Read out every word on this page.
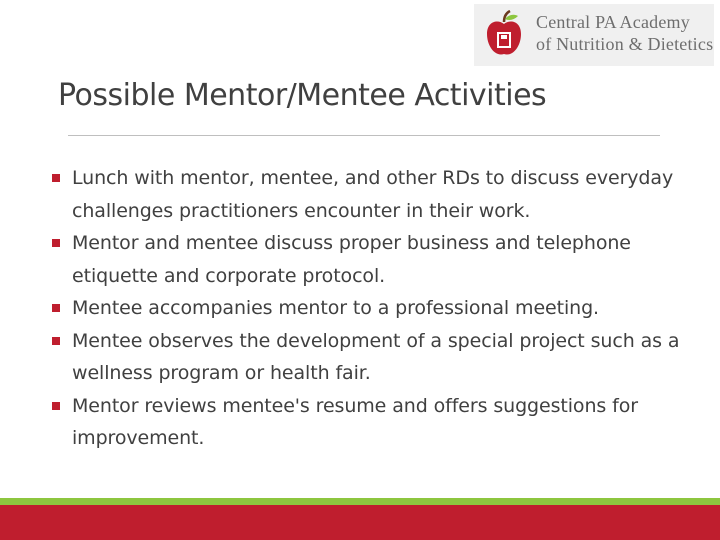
Central PA Academy
of Nutrition & Dietetics
Possible Mentor/Mentee Activities
Lunch with mentor, mentee, and other RDs to discuss everyday challenges practitioners encounter in their work.
Mentor and mentee discuss proper business and telephone etiquette and corporate protocol.
Mentee accompanies mentor to a professional meeting.
Mentee observes the development of a special project such as a wellness program or health fair.
Mentor reviews mentee's resume and offers suggestions for improvement.
